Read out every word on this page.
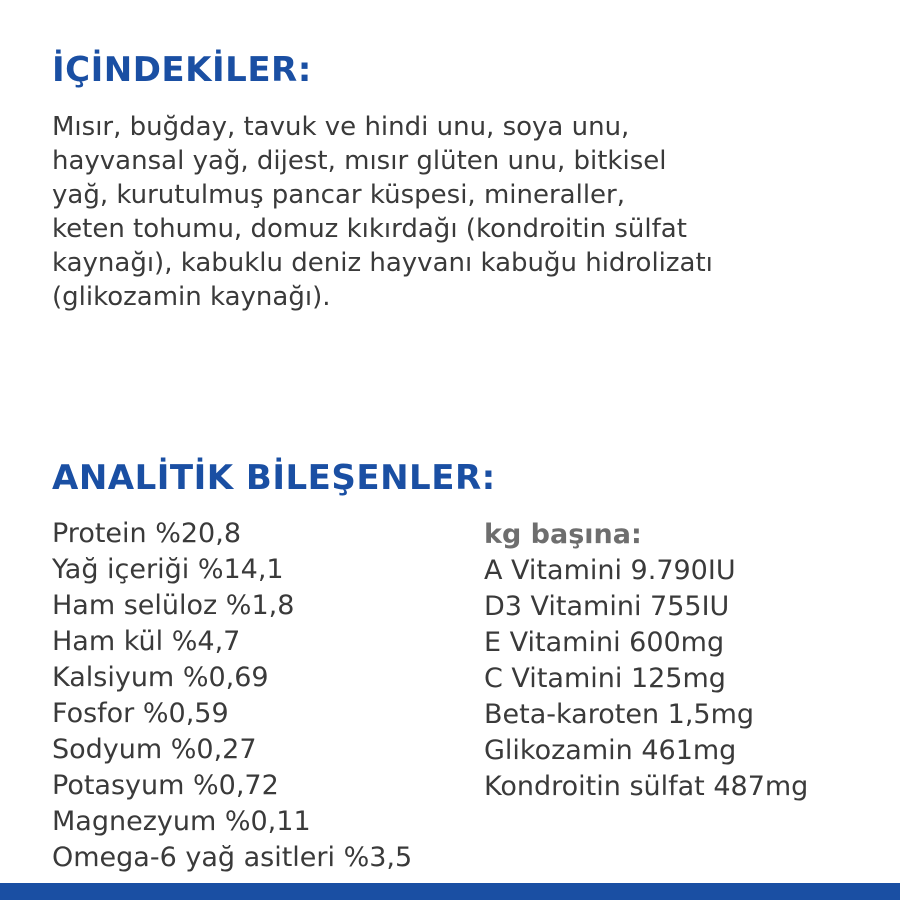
İÇİNDEKİLER:

Mısır, buğday, tavuk ve hindi unu, soya unu,
hayvansal yağ, dijest, mısır glüten unu, bitkisel
yağ, kurutulmuş pancar küspesi, mineraller,
keten tohumu, domuz kıkırdağı (kondroitin sülfat
kaynağı), kabuklu deniz hayvanı kabuğu hidrolizatı
(glikozamin kaynağı).

ANALİTİK BİLEŞENLER:
Protein %20,8
Yağ içeriği %14,1
Ham selüloz %1,8
Ham kül %4,7
Kalsiyum %0,69
Fosfor %0,59
Sodyum %0,27
Potasyum %0,72
Magnezyum %0,11
Omega-6 yağ asitleri %3,5
kg başına:
A Vitamini 9.790IU
D3 Vitamini 755IU
E Vitamini 600mg
C Vitamini 125mg
Beta-karoten 1,5mg
Glikozamin 461mg
Kondroitin sülfat 487mg
